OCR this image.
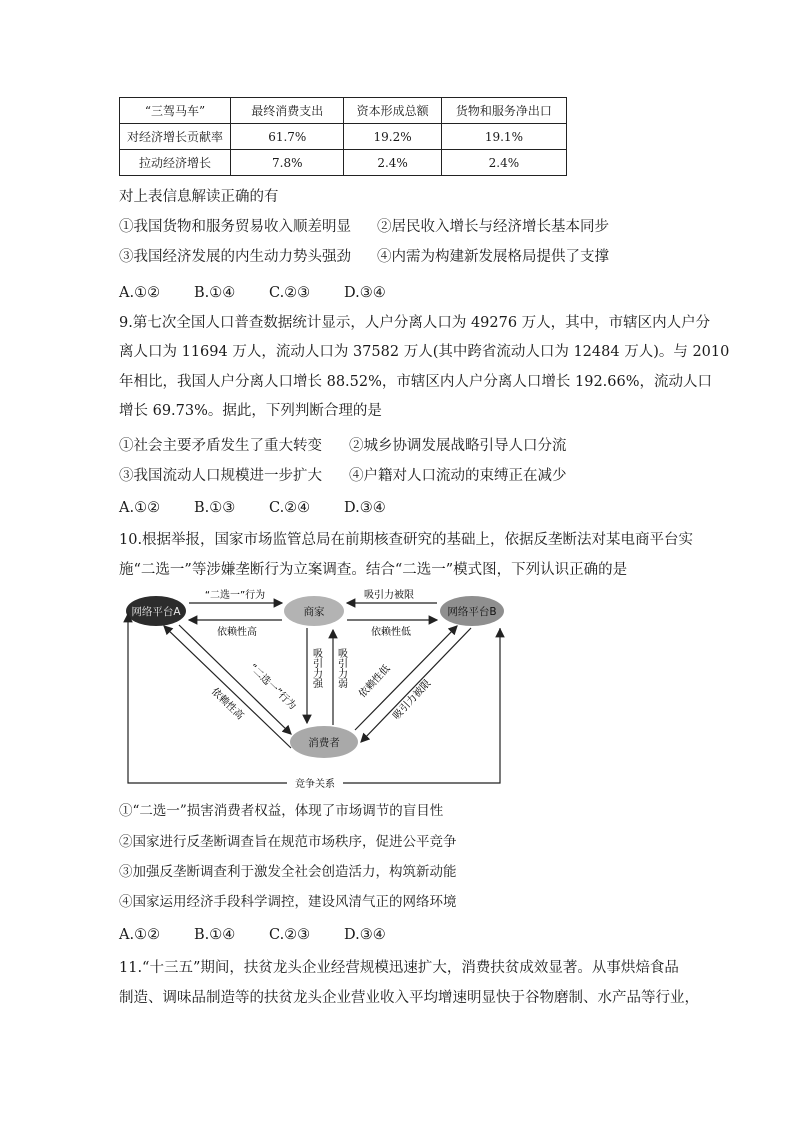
“三驾马车”	最终消费支出	资本形成总额	货物和服务净出口
对经济增长贡献率	61.7%	19.2%	19.1%
拉动经济增长	7.8%	2.4%	2.4%
对上表信息解读正确的有
①我国货物和服务贸易收入顺差明显 ②居民收入增长与经济增长基本同步
③我国经济发展的内生动力势头强劲 ④内需为构建新发展格局提供了支撑
A.①② B.①④ C.②③ D.③④
9.第七次全国人口普查数据统计显示，人户分离人口为 49276 万人，其中，市辖区内人户分
离人口为 11694 万人，流动人口为 37582 万人(其中跨省流动人口为 12484 万人)。与 2010
年相比，我国人户分离人口增长 88.52%，市辖区内人户分离人口增长 192.66%，流动人口
增长 69.73%。据此，下列判断合理的是
①社会主要矛盾发生了重大转变 ②城乡协调发展战略引导人口分流
③我国流动人口规模进一步扩大 ④户籍对人口流动的束缚正在减少
A.①② B.①③ C.②④ D.③④
10.根据举报，国家市场监管总局在前期核查研究的基础上，依据反垄断法对某电商平台实
施“二选一”等涉嫌垄断行为立案调查。结合“二选一”模式图，下列认识正确的是
网络平台A	商家	网络平台B
消费者
“二选一”行为
依赖性高
吸引力被限
依赖性低
吸引力强 吸引力弱
“二选一”行为
依赖性高
依赖性低
吸引力被限
竞争关系
①“二选一”损害消费者权益，体现了市场调节的盲目性
②国家进行反垄断调查旨在规范市场秩序，促进公平竞争
③加强反垄断调查利于激发全社会创造活力，构筑新动能
④国家运用经济手段科学调控，建设风清气正的网络环境
A.①② B.①④ C.②③ D.③④
11.“十三五”期间，扶贫龙头企业经营规模迅速扩大，消费扶贫成效显著。从事烘焙食品
制造、调味品制造等的扶贫龙头企业营业收入平均增速明显快于谷物磨制、水产品等行业，
